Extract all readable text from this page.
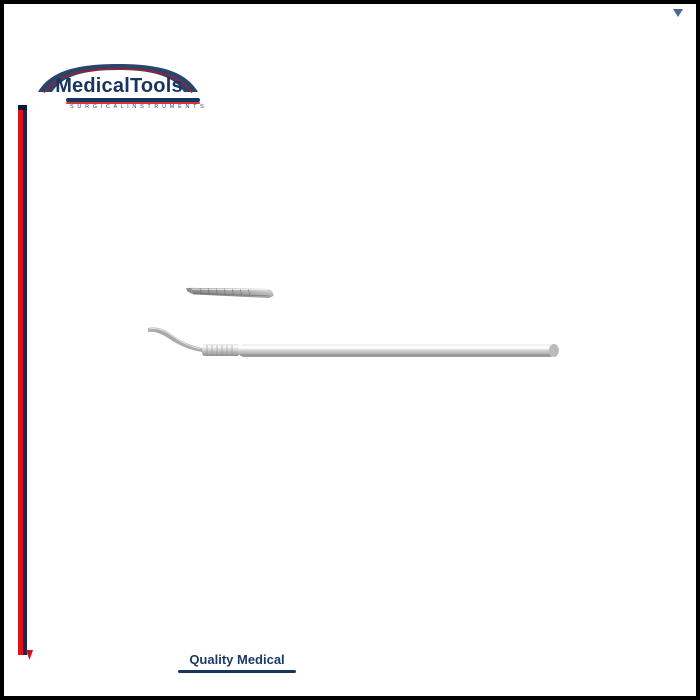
MedicalTools
S U R G I C A L I N S T R U M E N T S
Quality Medical
